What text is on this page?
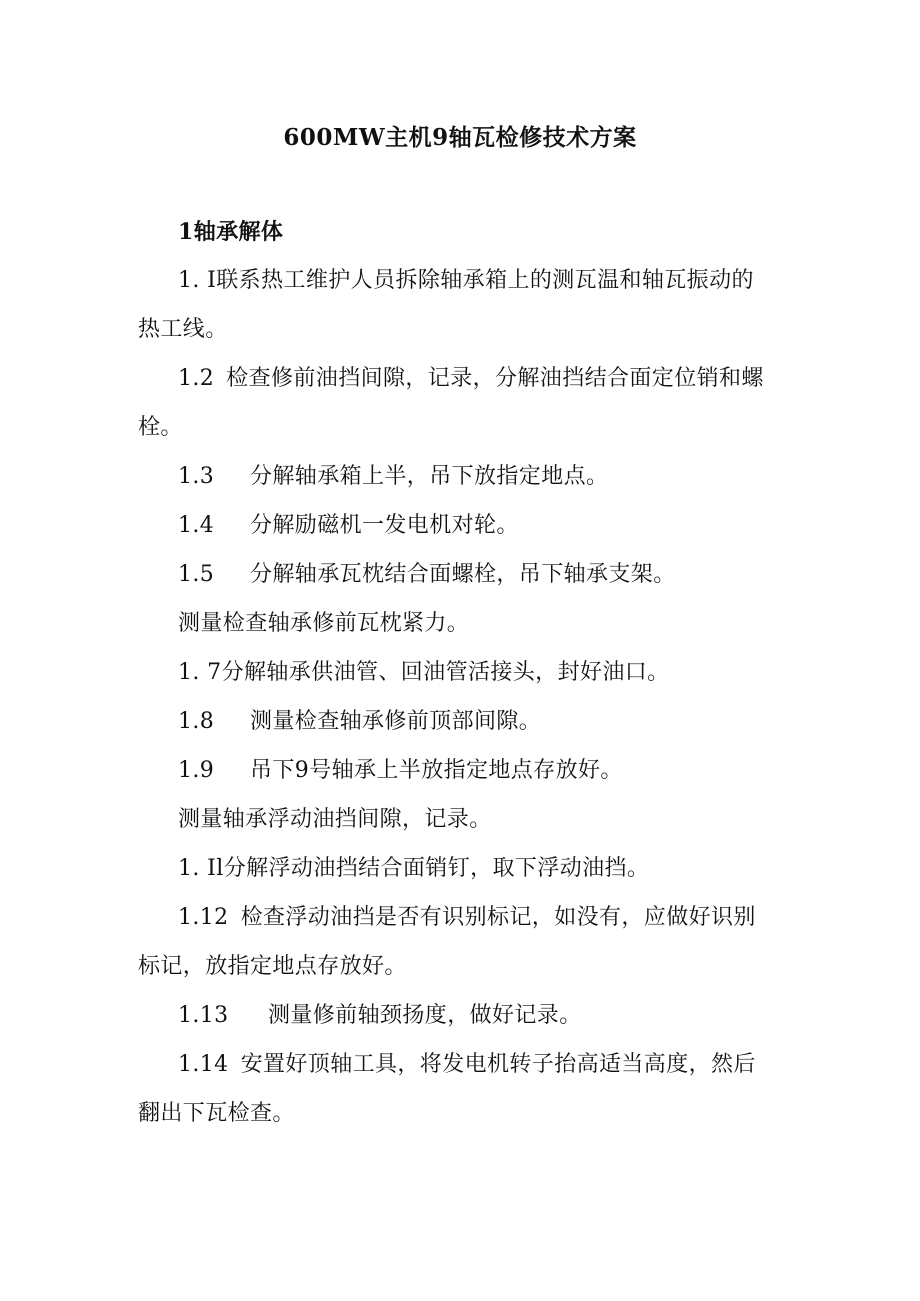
600MW主机9轴瓦检修技术方案
1轴承解体
1. I联系热工维护人员拆除轴承箱上的测瓦温和轴瓦振动的
热工线。
1.2 检查修前油挡间隙，记录，分解油挡结合面定位销和螺
栓。
1.3 分解轴承箱上半，吊下放指定地点。
1.4 分解励磁机一发电机对轮。
1.5 分解轴承瓦枕结合面螺栓，吊下轴承支架。
测量检查轴承修前瓦枕紧力。
1. 7分解轴承供油管、回油管活接头，封好油口。
1.8 测量检查轴承修前顶部间隙。
1.9 吊下9号轴承上半放指定地点存放好。
测量轴承浮动油挡间隙，记录。
1. Il分解浮动油挡结合面销钉，取下浮动油挡。
1.12 检查浮动油挡是否有识别标记，如没有，应做好识别
标记，放指定地点存放好。
1.13 测量修前轴颈扬度，做好记录。
1.14 安置好顶轴工具，将发电机转子抬高适当高度，然后
翻出下瓦检查。
